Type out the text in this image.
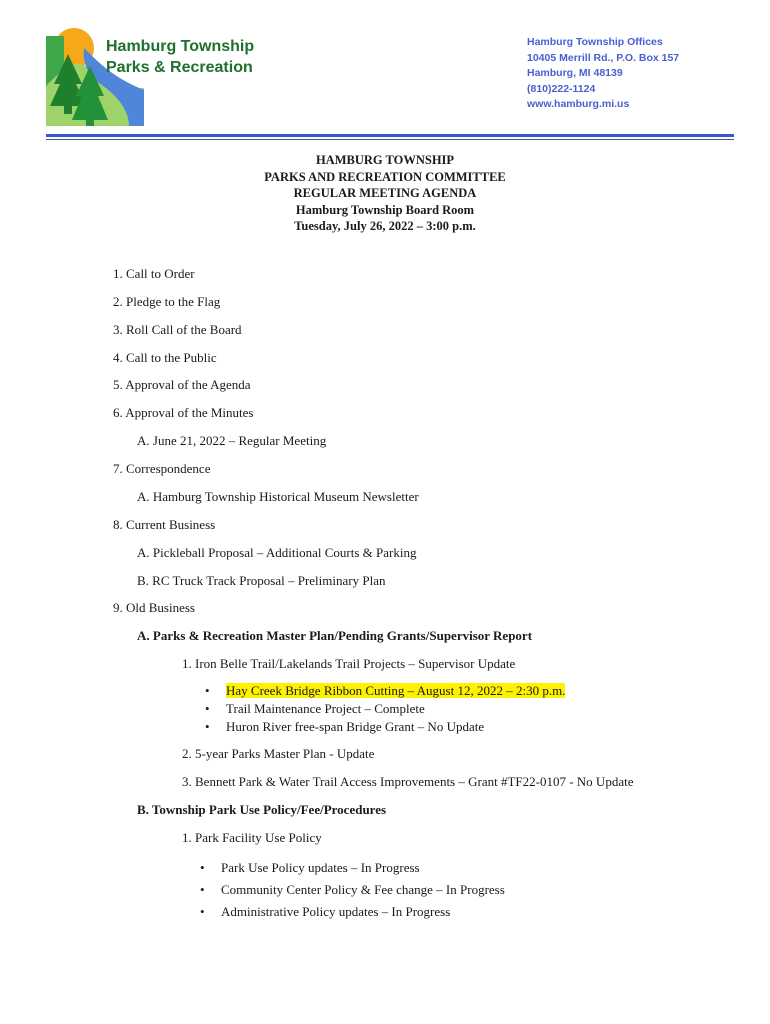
Hamburg Township
Parks & Recreation
Hamburg Township Offices
10405 Merrill Rd., P.O. Box 157
Hamburg, MI 48139
(810)222-1124
www.hamburg.mi.us
HAMBURG TOWNSHIP
PARKS AND RECREATION COMMITTEE
REGULAR MEETING AGENDA
Hamburg Township Board Room
Tuesday, July 26, 2022 – 3:00 p.m.
1. Call to Order
2. Pledge to the Flag
3. Roll Call of the Board
4. Call to the Public
5. Approval of the Agenda
6. Approval of the Minutes
A. June 21, 2022 – Regular Meeting
7. Correspondence
A. Hamburg Township Historical Museum Newsletter
8. Current Business
A. Pickleball Proposal – Additional Courts & Parking
B. RC Truck Track Proposal – Preliminary Plan
9. Old Business
A. Parks & Recreation Master Plan/Pending Grants/Supervisor Report
1. Iron Belle Trail/Lakelands Trail Projects – Supervisor Update
• Hay Creek Bridge Ribbon Cutting – August 12, 2022 – 2:30 p.m.
• Trail Maintenance Project – Complete
• Huron River free-span Bridge Grant – No Update
2. 5-year Parks Master Plan - Update
3. Bennett Park & Water Trail Access Improvements – Grant #TF22-0107 - No Update
B. Township Park Use Policy/Fee/Procedures
1. Park Facility Use Policy
• Park Use Policy updates – In Progress
• Community Center Policy & Fee change – In Progress
• Administrative Policy updates – In Progress
